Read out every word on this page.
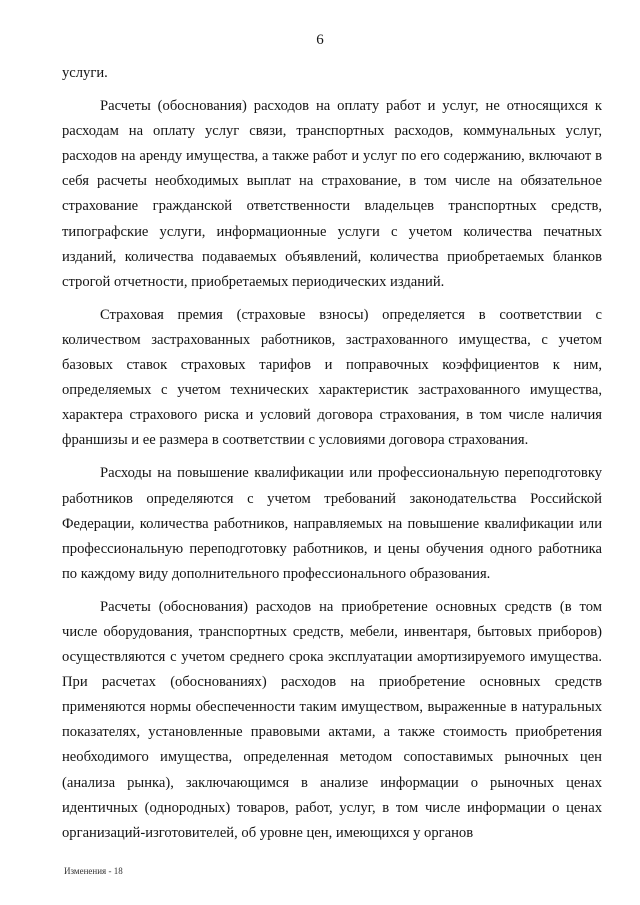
6

услуги.

Расчеты (обоснования) расходов на оплату работ и услуг, не относящихся к расходам на оплату услуг связи, транспортных расходов, коммунальных услуг, расходов на аренду имущества, а также работ и услуг по его содержанию, включают в себя расчеты необходимых выплат на страхование, в том числе на обязательное страхование гражданской ответственности владельцев транспортных средств, типографские услуги, информационные услуги с учетом количества печатных изданий, количества подаваемых объявлений, количества приобретаемых бланков строгой отчетности, приобретаемых периодических изданий.

Страховая премия (страховые взносы) определяется в соответствии с количеством застрахованных работников, застрахованного имущества, с учетом базовых ставок страховых тарифов и поправочных коэффициентов к ним, определяемых с учетом технических характеристик застрахованного имущества, характера страхового риска и условий договора страхования, в том числе наличия франшизы и ее размера в соответствии с условиями договора страхования.

Расходы на повышение квалификации или профессиональную переподготовку работников определяются с учетом требований законодательства Российской Федерации, количества работников, направляемых на повышение квалификации или профессиональную переподготовку работников, и цены обучения одного работника по каждому виду дополнительного профессионального образования.

Расчеты (обоснования) расходов на приобретение основных средств (в том числе оборудования, транспортных средств, мебели, инвентаря, бытовых приборов) осуществляются с учетом среднего срока эксплуатации амортизируемого имущества. При расчетах (обоснованиях) расходов на приобретение основных средств применяются нормы обеспеченности таким имуществом, выраженные в натуральных показателях, установленные правовыми актами, а также стоимость приобретения необходимого имущества, определенная методом сопоставимых рыночных цен (анализа рынка), заключающимся в анализе информации о рыночных ценах идентичных (однородных) товаров, работ, услуг, в том числе информации о ценах организаций-изготовителей, об уровне цен, имеющихся у органов

Изменения - 18
